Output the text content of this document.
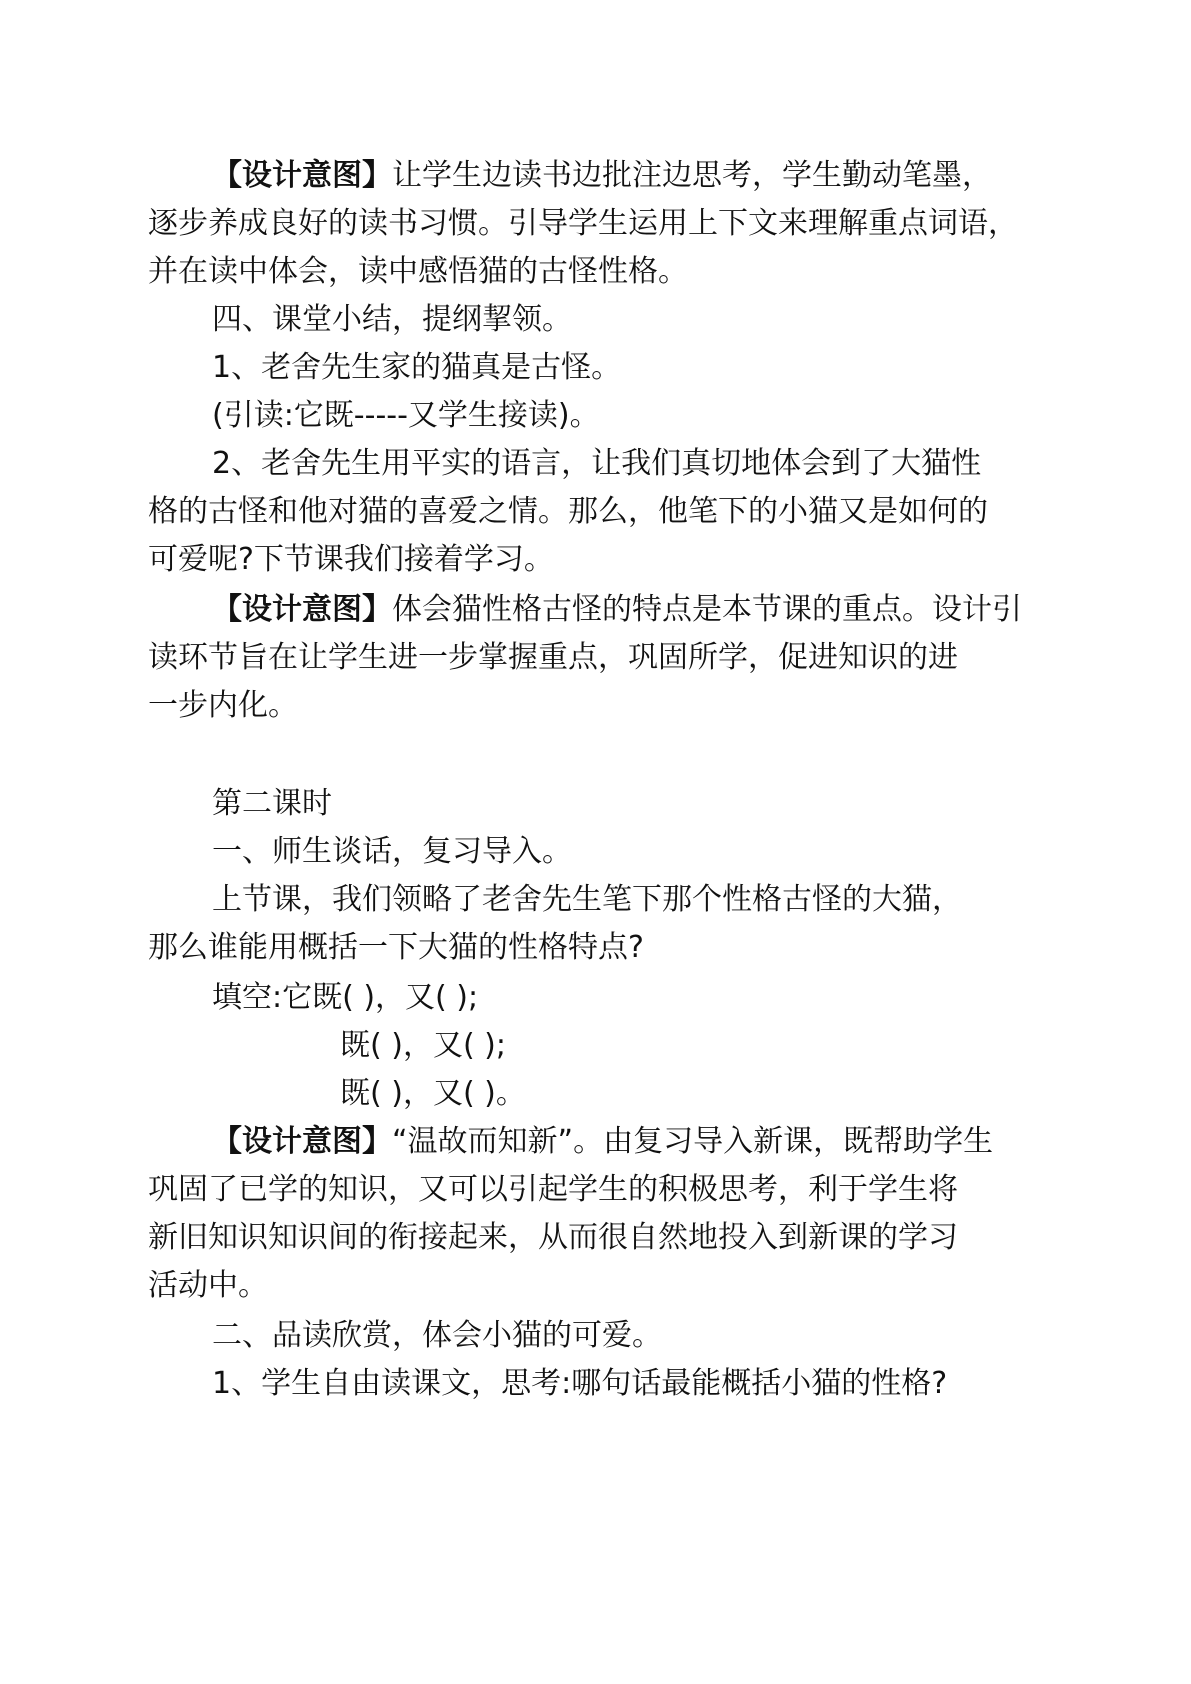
【设计意图】让学生边读书边批注边思考，学生勤动笔墨，
逐步养成良好的读书习惯。引导学生运用上下文来理解重点词语，
并在读中体会，读中感悟猫的古怪性格。
四、课堂小结，提纲挈领。
1、老舍先生家的猫真是古怪。
(引读:它既-----又学生接读)。
2、老舍先生用平实的语言，让我们真切地体会到了大猫性
格的古怪和他对猫的喜爱之情。那么，他笔下的小猫又是如何的
可爱呢?下节课我们接着学习。
【设计意图】体会猫性格古怪的特点是本节课的重点。设计引
读环节旨在让学生进一步掌握重点，巩固所学，促进知识的进
一步内化。
第二课时
一、师生谈话，复习导入。
上节课，我们领略了老舍先生笔下那个性格古怪的大猫，
那么谁能用概括一下大猫的性格特点?
填空:它既( )，又( );
既( )，又( );
既( )，又( )。
【设计意图】“温故而知新”。由复习导入新课，既帮助学生
巩固了已学的知识，又可以引起学生的积极思考，利于学生将
新旧知识知识间的衔接起来，从而很自然地投入到新课的学习
活动中。
二、品读欣赏，体会小猫的可爱。
1、学生自由读课文，思考:哪句话最能概括小猫的性格?
